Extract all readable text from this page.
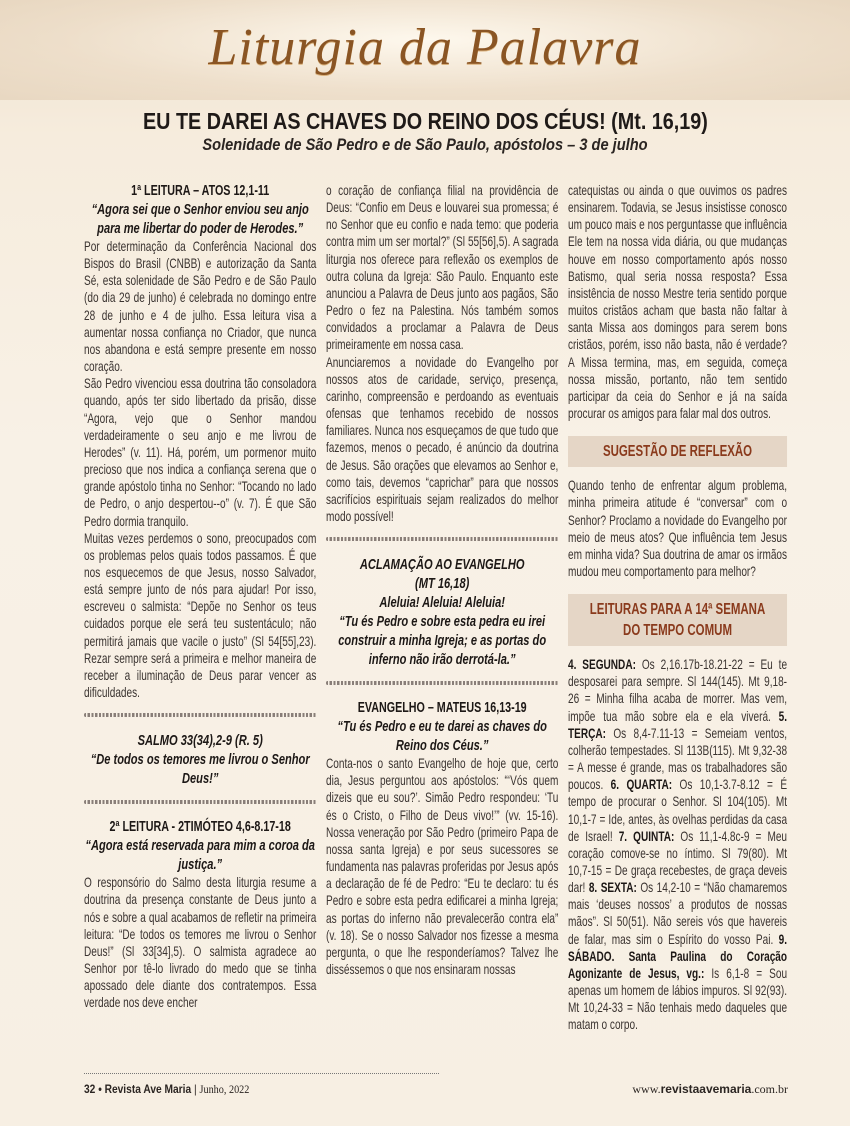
Liturgia da Palavra
EU TE DAREI AS CHAVES DO REINO DOS CÉUS! (Mt. 16,19)
Solenidade de São Pedro e de São Paulo, apóstolos – 3 de julho
1ª LEITURA – ATOS 12,1-11
“Agora sei que o Senhor enviou seu anjo para me libertar do poder de Herodes.”

Por determinação da Conferência Nacional dos Bispos do Brasil (CNBB) e autorização da Santa Sé, esta solenidade de São Pedro e de São Paulo (do dia 29 de junho) é celebrada no domingo entre 28 de junho e 4 de julho. Essa leitura visa a aumentar nossa confiança no Criador, que nunca nos abandona e está sempre presente em nosso coração.

São Pedro vivenciou essa doutrina tão consoladora quando, após ter sido libertado da prisão, disse “Agora, vejo que o Senhor mandou verdadeiramente o seu anjo e me livrou de Herodes” (v. 11). Há, porém, um pormenor muito precioso que nos indica a confiança serena que o grande apóstolo tinha no Senhor: “Tocando no lado de Pedro, o anjo despertou--o” (v. 7). É que São Pedro dormia tranquilo.

Muitas vezes perdemos o sono, preocupados com os problemas pelos quais todos passamos. É que nos esquecemos de que Jesus, nosso Salvador, está sempre junto de nós para ajudar! Por isso, escreveu o salmista: “Depõe no Senhor os teus cuidados porque ele será teu sustentáculo; não permitirá jamais que vacile o justo” (Sl 54[55],23). Rezar sempre será a primeira e melhor maneira de receber a iluminação de Deus parar vencer as dificuldades.

SALMO 33(34),2-9 (R. 5)
“De todos os temores me livrou o Senhor Deus!”
2ª LEITURA - 2TIMÓTEO 4,6-8.17-18
“Agora está reservada para mim a coroa da justiça.”

O responsório do Salmo desta liturgia resume a doutrina da presença constante de Deus junto a nós e sobre a qual acabamos de refletir na primeira leitura: “De todos os temores me livrou o Senhor Deus!” (Sl 33[34],5). O salmista agradece ao Senhor por tê-lo livrado do medo que se tinha apossado dele diante dos contratempos. Essa verdade nos deve encher

o coração de confiança filial na providência de Deus: “Confio em Deus e louvarei sua promessa; é no Senhor que eu confio e nada temo: que poderia contra mim um ser mortal?” (Sl 55[56],5). A sagrada liturgia nos oferece para reflexão os exemplos de outra coluna da Igreja: São Paulo. Enquanto este anunciou a Palavra de Deus junto aos pagãos, São Pedro o fez na Palestina. Nós também somos convidados a proclamar a Palavra de Deus primeiramente em nossa casa.

Anunciaremos a novidade do Evangelho por nossos atos de caridade, serviço, presença, carinho, compreensão e perdoando as eventuais ofensas que tenhamos recebido de nossos familiares. Nunca nos esqueçamos de que tudo que fazemos, menos o pecado, é anúncio da doutrina de Jesus. São orações que elevamos ao Senhor e, como tais, devemos “caprichar” para que nossos sacrifícios espirituais sejam realizados do melhor modo possível!

ACLAMAÇÃO AO EVANGELHO
(MT 16,18)
Aleluia! Aleluia! Aleluia!
“Tu és Pedro e sobre esta pedra eu irei construir a minha Igreja; e as portas do inferno não irão derrotá-la.”
EVANGELHO – MATEUS 16,13-19
“Tu és Pedro e eu te darei as chaves do Reino dos Céus.”

Conta-nos o santo Evangelho de hoje que, certo dia, Jesus perguntou aos apóstolos: “‘Vós quem dizeis que eu sou?’. Simão Pedro respondeu: ‘Tu és o Cristo, o Filho de Deus vivo!’” (vv. 15-16). Nossa veneração por São Pedro (primeiro Papa de nossa santa Igreja) e por seus sucessores se fundamenta nas palavras proferidas por Jesus após a declaração de fé de Pedro: “Eu te declaro: tu és Pedro e sobre esta pedra edificarei a minha Igreja; as portas do inferno não prevalecerão contra ela” (v. 18). Se o nosso Salvador nos fizesse a mesma pergunta, o que lhe responderíamos? Talvez lhe disséssemos o que nos ensinaram nossas

catequistas ou ainda o que ouvimos os padres ensinarem. Todavia, se Jesus insistisse conosco um pouco mais e nos perguntasse que influência Ele tem na nossa vida diária, ou que mudanças houve em nosso comportamento após nosso Batismo, qual seria nossa resposta? Essa insistência de nosso Mestre teria sentido porque muitos cristãos acham que basta não faltar à santa Missa aos domingos para serem bons cristãos, porém, isso não basta, não é verdade? A Missa termina, mas, em seguida, começa nossa missão, portanto, não tem sentido participar da ceia do Senhor e já na saída procurar os amigos para falar mal dos outros.

SUGESTÃO DE REFLEXÃO

Quando tenho de enfrentar algum problema, minha primeira atitude é “conversar” com o Senhor? Proclamo a novidade do Evangelho por meio de meus atos? Que influência tem Jesus em minha vida? Sua doutrina de amar os irmãos mudou meu comportamento para melhor?

LEITURAS PARA A 14ª SEMANA
DO TEMPO COMUM

4. SEGUNDA: Os 2,16.17b-18.21-22 = Eu te desposarei para sempre. Sl 144(145). Mt 9,18-26 = Minha filha acaba de morrer. Mas vem, impõe tua mão sobre ela e ela viverá. 5. TERÇA: Os 8,4-7.11-13 = Semeiam ventos, colherão tempestades. Sl 113B(115). Mt 9,32-38 = A messe é grande, mas os trabalhadores são poucos. 6. QUARTA: Os 10,1-3.7-8.12 = É tempo de procurar o Senhor. Sl 104(105). Mt 10,1-7 = Ide, antes, às ovelhas perdidas da casa de Israel! 7. QUINTA: Os 11,1-4.8c-9 = Meu coração comove-se no íntimo. Sl 79(80). Mt 10,7-15 = De graça recebestes, de graça deveis dar! 8. SEXTA: Os 14,2-10 = “Não chamaremos mais ‘deuses nossos’ a produtos de nossas mãos”. Sl 50(51). Não sereis vós que havereis de falar, mas sim o Espírito do vosso Pai. 9. SÁBADO. Santa Paulina do Coração Agonizante de Jesus, vg.: Is 6,1-8 = Sou apenas um homem de lábios impuros. Sl 92(93). Mt 10,24-33 = Não tenhais medo daqueles que matam o corpo.

32 • Revista Ave Maria | Junho, 2022	www.revistaavemaria.com.br
